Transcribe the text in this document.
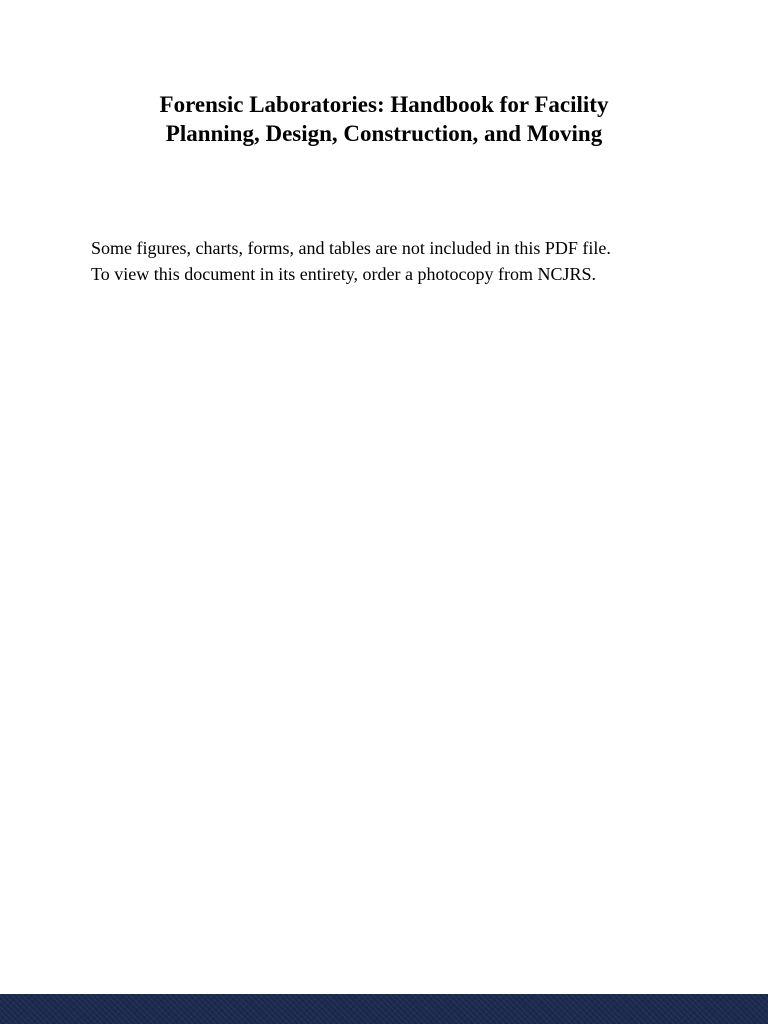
Forensic Laboratories: Handbook for Facility
Planning, Design, Construction, and Moving

Some figures, charts, forms, and tables are not included in this PDF file.
To view this document in its entirety, order a photocopy from NCJRS.
